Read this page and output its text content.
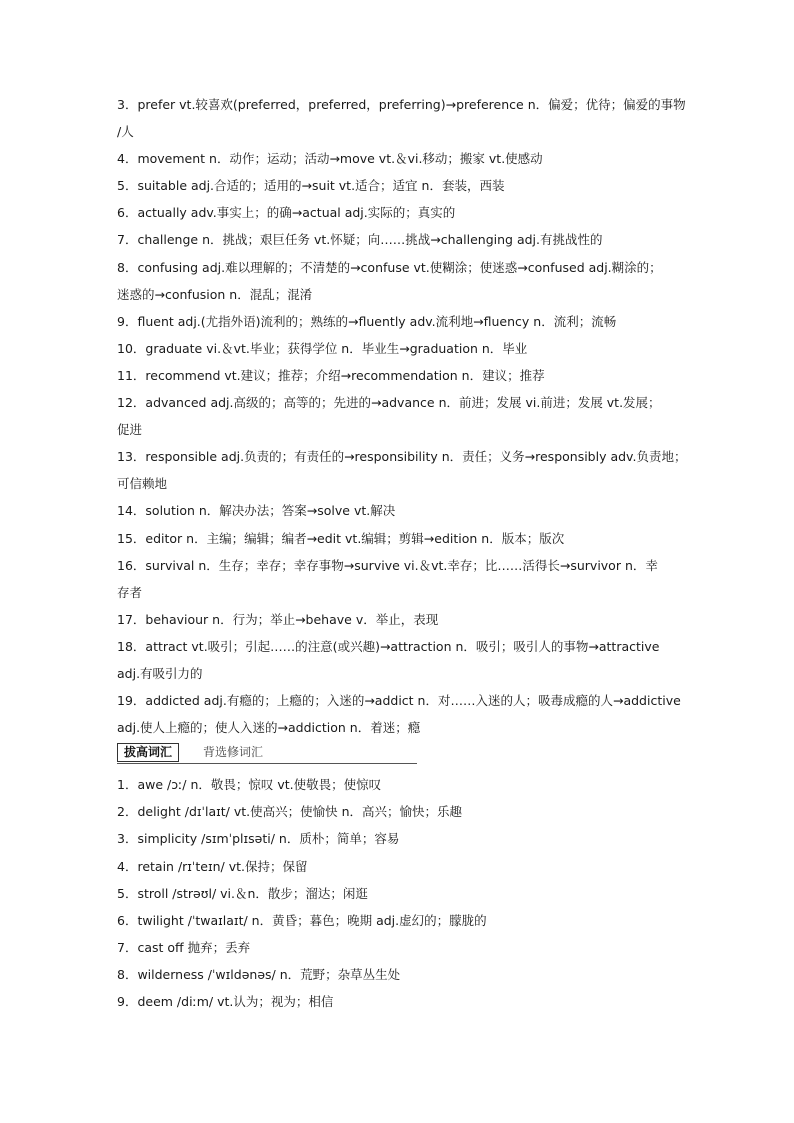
3．prefer vt.较喜欢(preferred，preferred，preferring)→preference n．偏爱；优待；偏爱的事物
/人
4．movement n．动作；运动；活动→move vt.＆vi.移动；搬家 vt.使感动
5．suitable adj.合适的；适用的→suit vt.适合；适宜 n．套装，西装
6．actually adv.事实上；的确→actual adj.实际的；真实的
7．challenge n．挑战；艰巨任务 vt.怀疑；向……挑战→challenging adj.有挑战性的
8．confusing adj.难以理解的；不清楚的→confuse vt.使糊涂；使迷惑→confused adj.糊涂的；
迷惑的→confusion n．混乱；混淆
9．fluent adj.(尤指外语)流利的；熟练的→fluently adv.流利地→fluency n．流利；流畅
10．graduate vi.＆vt.毕业；获得学位 n．毕业生→graduation n．毕业
11．recommend vt.建议；推荐；介绍→recommendation n．建议；推荐
12．advanced adj.高级的；高等的；先进的→advance n．前进；发展 vi.前进；发展 vt.发展；
促进
13．responsible adj.负责的；有责任的→responsibility n．责任；义务→responsibly adv.负责地；
可信赖地
14．solution n．解决办法；答案→solve vt.解决
15．editor n．主编；编辑；编者→edit vt.编辑；剪辑→edition n．版本；版次
16．survival n．生存；幸存；幸存事物→survive vi.＆vt.幸存；比……活得长→survivor n．幸
存者
17．behaviour n．行为；举止→behave v．举止，表现
18．attract vt.吸引；引起……的注意(或兴趣)→attraction n．吸引；吸引人的事物→attractive
adj.有吸引力的
19．addicted adj.有瘾的；上瘾的；入迷的→addict n．对……入迷的人；吸毒成瘾的人→addictive
adj.使人上瘾的；使人入迷的→addiction n．着迷；瘾
拔高词汇	背选修词汇
1．awe /ɔː/ n．敬畏；惊叹 vt.使敬畏；使惊叹
2．delight /dɪˈlaɪt/ vt.使高兴；使愉快 n．高兴；愉快；乐趣
3．simplicity /sɪmˈplɪsəti/ n．质朴；简单；容易
4．retain /rɪˈteɪn/ vt.保持；保留
5．stroll /strəʊl/ vi.＆n．散步；溜达；闲逛
6．twilight /ˈtwaɪlaɪt/ n．黄昏；暮色；晚期 adj.虚幻的；朦胧的
7．cast off 抛弃；丢弃
8．wilderness /ˈwɪldənəs/ n．荒野；杂草丛生处
9．deem /diːm/ vt.认为；视为；相信
